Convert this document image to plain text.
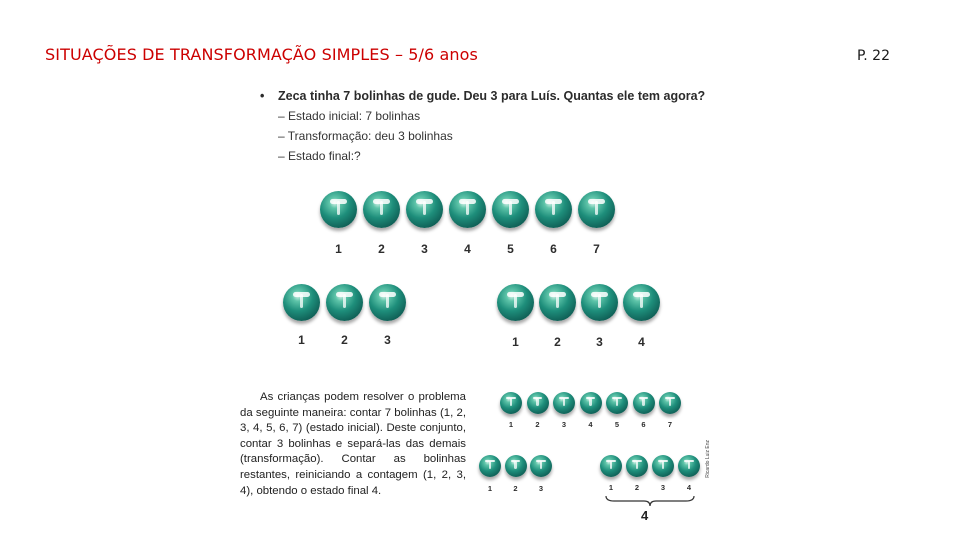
SITUAÇÕES DE TRANSFORMAÇÃO SIMPLES – 5/6 anos	P. 22

• Zeca tinha 7 bolinhas de gude. Deu 3 para Luís. Quantas ele tem agora?

– Estado inicial: 7 bolinhas
– Transformação: deu 3 bolinhas
– Estado final:?
1	2	3	4	5	6	7
1	2	3	1	2	3	4
As crianças podem resolver o problema da seguinte maneira: contar 7 bolinhas (1, 2, 3, 4, 5, 6, 7) (estado inicial). Deste conjunto, contar 3 bolinhas e separá-las das demais (transformação). Contar as bolinhas restantes, reiniciando a contagem (1, 2, 3, 4), obtendo o estado final 4.
1	2	3	4	5	6	7
1	2	3	1	2	3	4
Ricardo Luiz Enz
4
